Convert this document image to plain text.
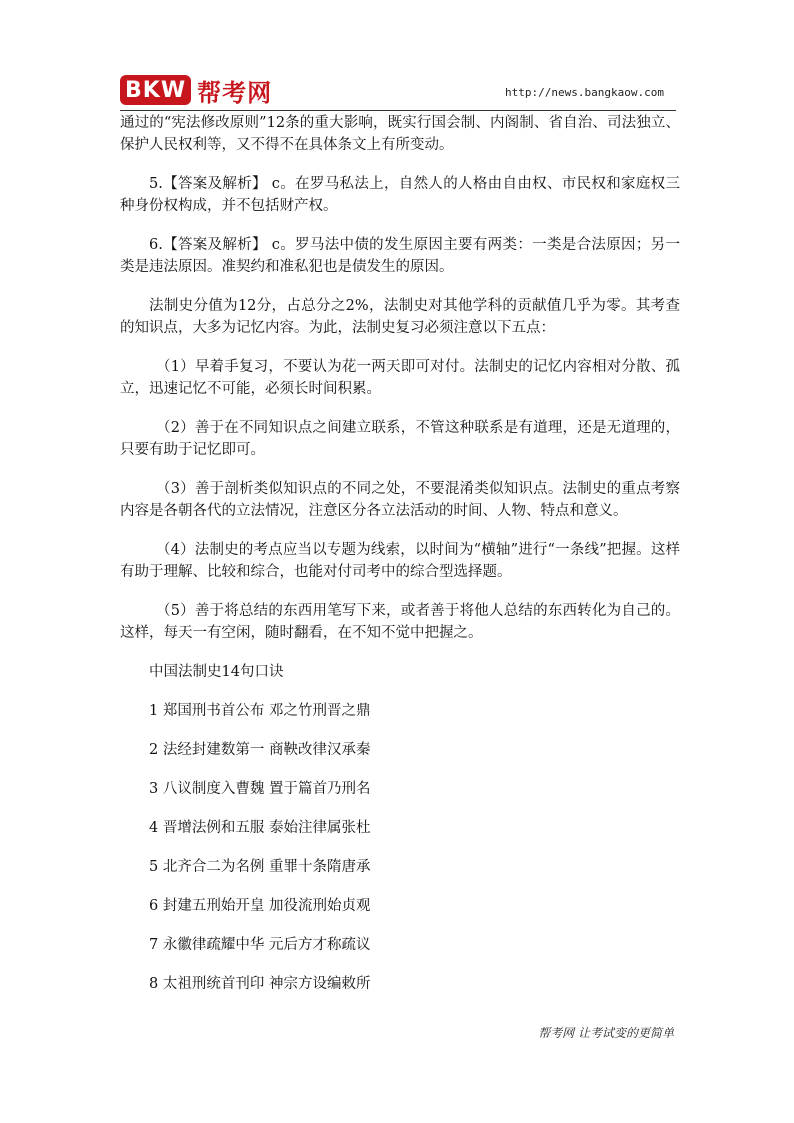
BKW 帮考网	http://news.bangkaow.com

通过的“宪法修改原则”12条的重大影响，既实行国会制、内阁制、省自治、司法独立、保护人民权利等，又不得不在具体条文上有所变动。

5.【答案及解析】 c。在罗马私法上，自然人的人格由自由权、市民权和家庭权三种身份权构成，并不包括财产权。

6.【答案及解析】 c。罗马法中债的发生原因主要有两类：一类是合法原因；另一类是违法原因。准契约和准私犯也是债发生的原因。

法制史分值为12分，占总分之2%，法制史对其他学科的贡献值几乎为零。其考查的知识点，大多为记忆内容。为此，法制史复习必须注意以下五点：

（1）早着手复习，不要认为花一两天即可对付。法制史的记忆内容相对分散、孤立，迅速记忆不可能，必须长时间积累。

（2）善于在不同知识点之间建立联系，不管这种联系是有道理，还是无道理的，只要有助于记忆即可。

（3）善于剖析类似知识点的不同之处，不要混淆类似知识点。法制史的重点考察内容是各朝各代的立法情况，注意区分各立法活动的时间、人物、特点和意义。

（4）法制史的考点应当以专题为线索，以时间为“横轴”进行“一条线”把握。这样有助于理解、比较和综合，也能对付司考中的综合型选择题。

（5）善于将总结的东西用笔写下来，或者善于将他人总结的东西转化为自己的。这样，每天一有空闲，随时翻看，在不知不觉中把握之。

中国法制史14句口诀

1 郑国刑书首公布 邓之竹刑晋之鼎

2 法经封建数第一 商鞅改律汉承秦

3 八议制度入曹魏 置于篇首乃刑名

4 晋增法例和五服 泰始注律属张杜

5 北齐合二为名例 重罪十条隋唐承

6 封建五刑始开皇 加役流刑始贞观

7 永徽律疏耀中华 元后方才称疏议

8 太祖刑统首刊印 神宗方设编敕所

帮考网 让考试变的更简单
